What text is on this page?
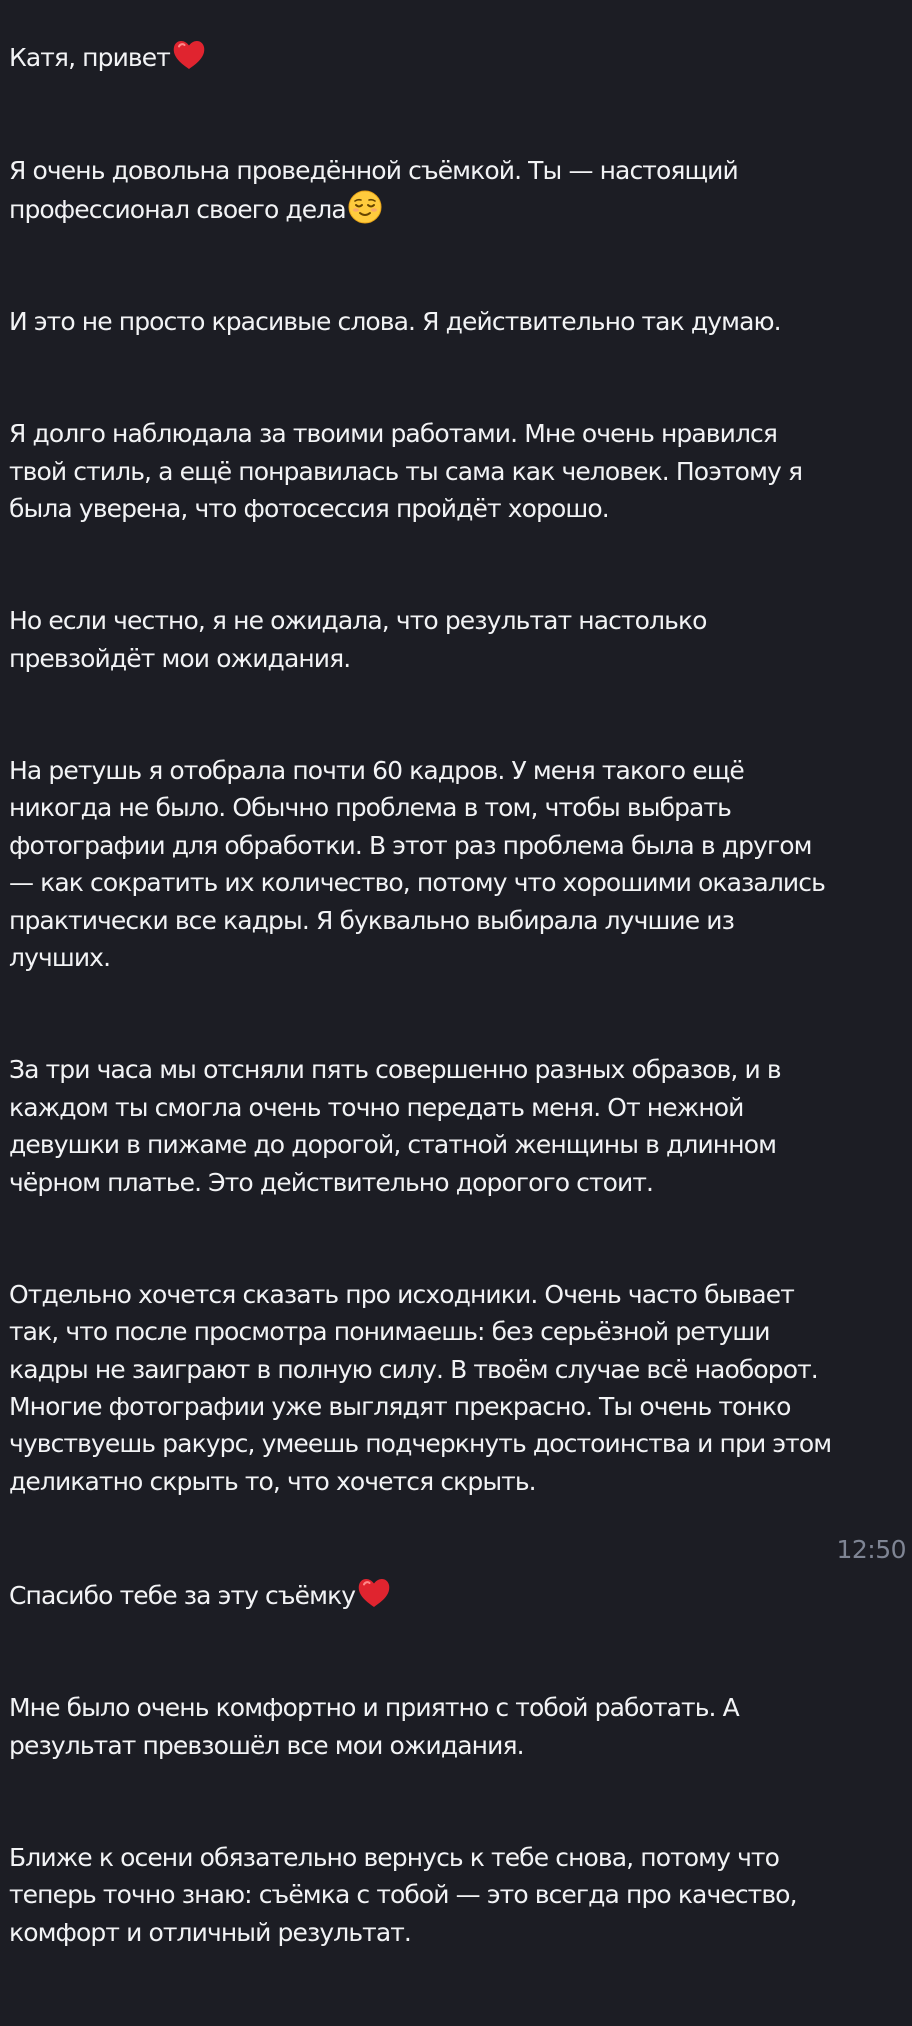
Катя, привет

Я очень довольна проведённой съёмкой. Ты — настоящий
профессионал своего дела

И это не просто красивые слова. Я действительно так думаю.

Я долго наблюдала за твоими работами. Мне очень нравился
твой стиль, а ещё понравилась ты сама как человек. Поэтому я
была уверена, что фотосессия пройдёт хорошо.

Но если честно, я не ожидала, что результат настолько
превзойдёт мои ожидания.

На ретушь я отобрала почти 60 кадров. У меня такого ещё
никогда не было. Обычно проблема в том, чтобы выбрать
фотографии для обработки. В этот раз проблема была в другом
— как сократить их количество, потому что хорошими оказались
практически все кадры. Я буквально выбирала лучшие из
лучших.

За три часа мы отсняли пять совершенно разных образов, и в
каждом ты смогла очень точно передать меня. От нежной
девушки в пижаме до дорогой, статной женщины в длинном
чёрном платье. Это действительно дорогого стоит.

Отдельно хочется сказать про исходники. Очень часто бывает
так, что после просмотра понимаешь: без серьёзной ретуши
кадры не заиграют в полную силу. В твоём случае всё наоборот.
Многие фотографии уже выглядят прекрасно. Ты очень тонко
чувствуешь ракурс, умеешь подчеркнуть достоинства и при этом
деликатно скрыть то, что хочется скрыть.

Спасибо тебе за эту съёмку

Мне было очень комфортно и приятно с тобой работать. А
результат превзошёл все мои ожидания.

Ближе к осени обязательно вернусь к тебе снова, потому что
теперь точно знаю: съёмка с тобой — это всегда про качество,
комфорт и отличный результат.

12:50
